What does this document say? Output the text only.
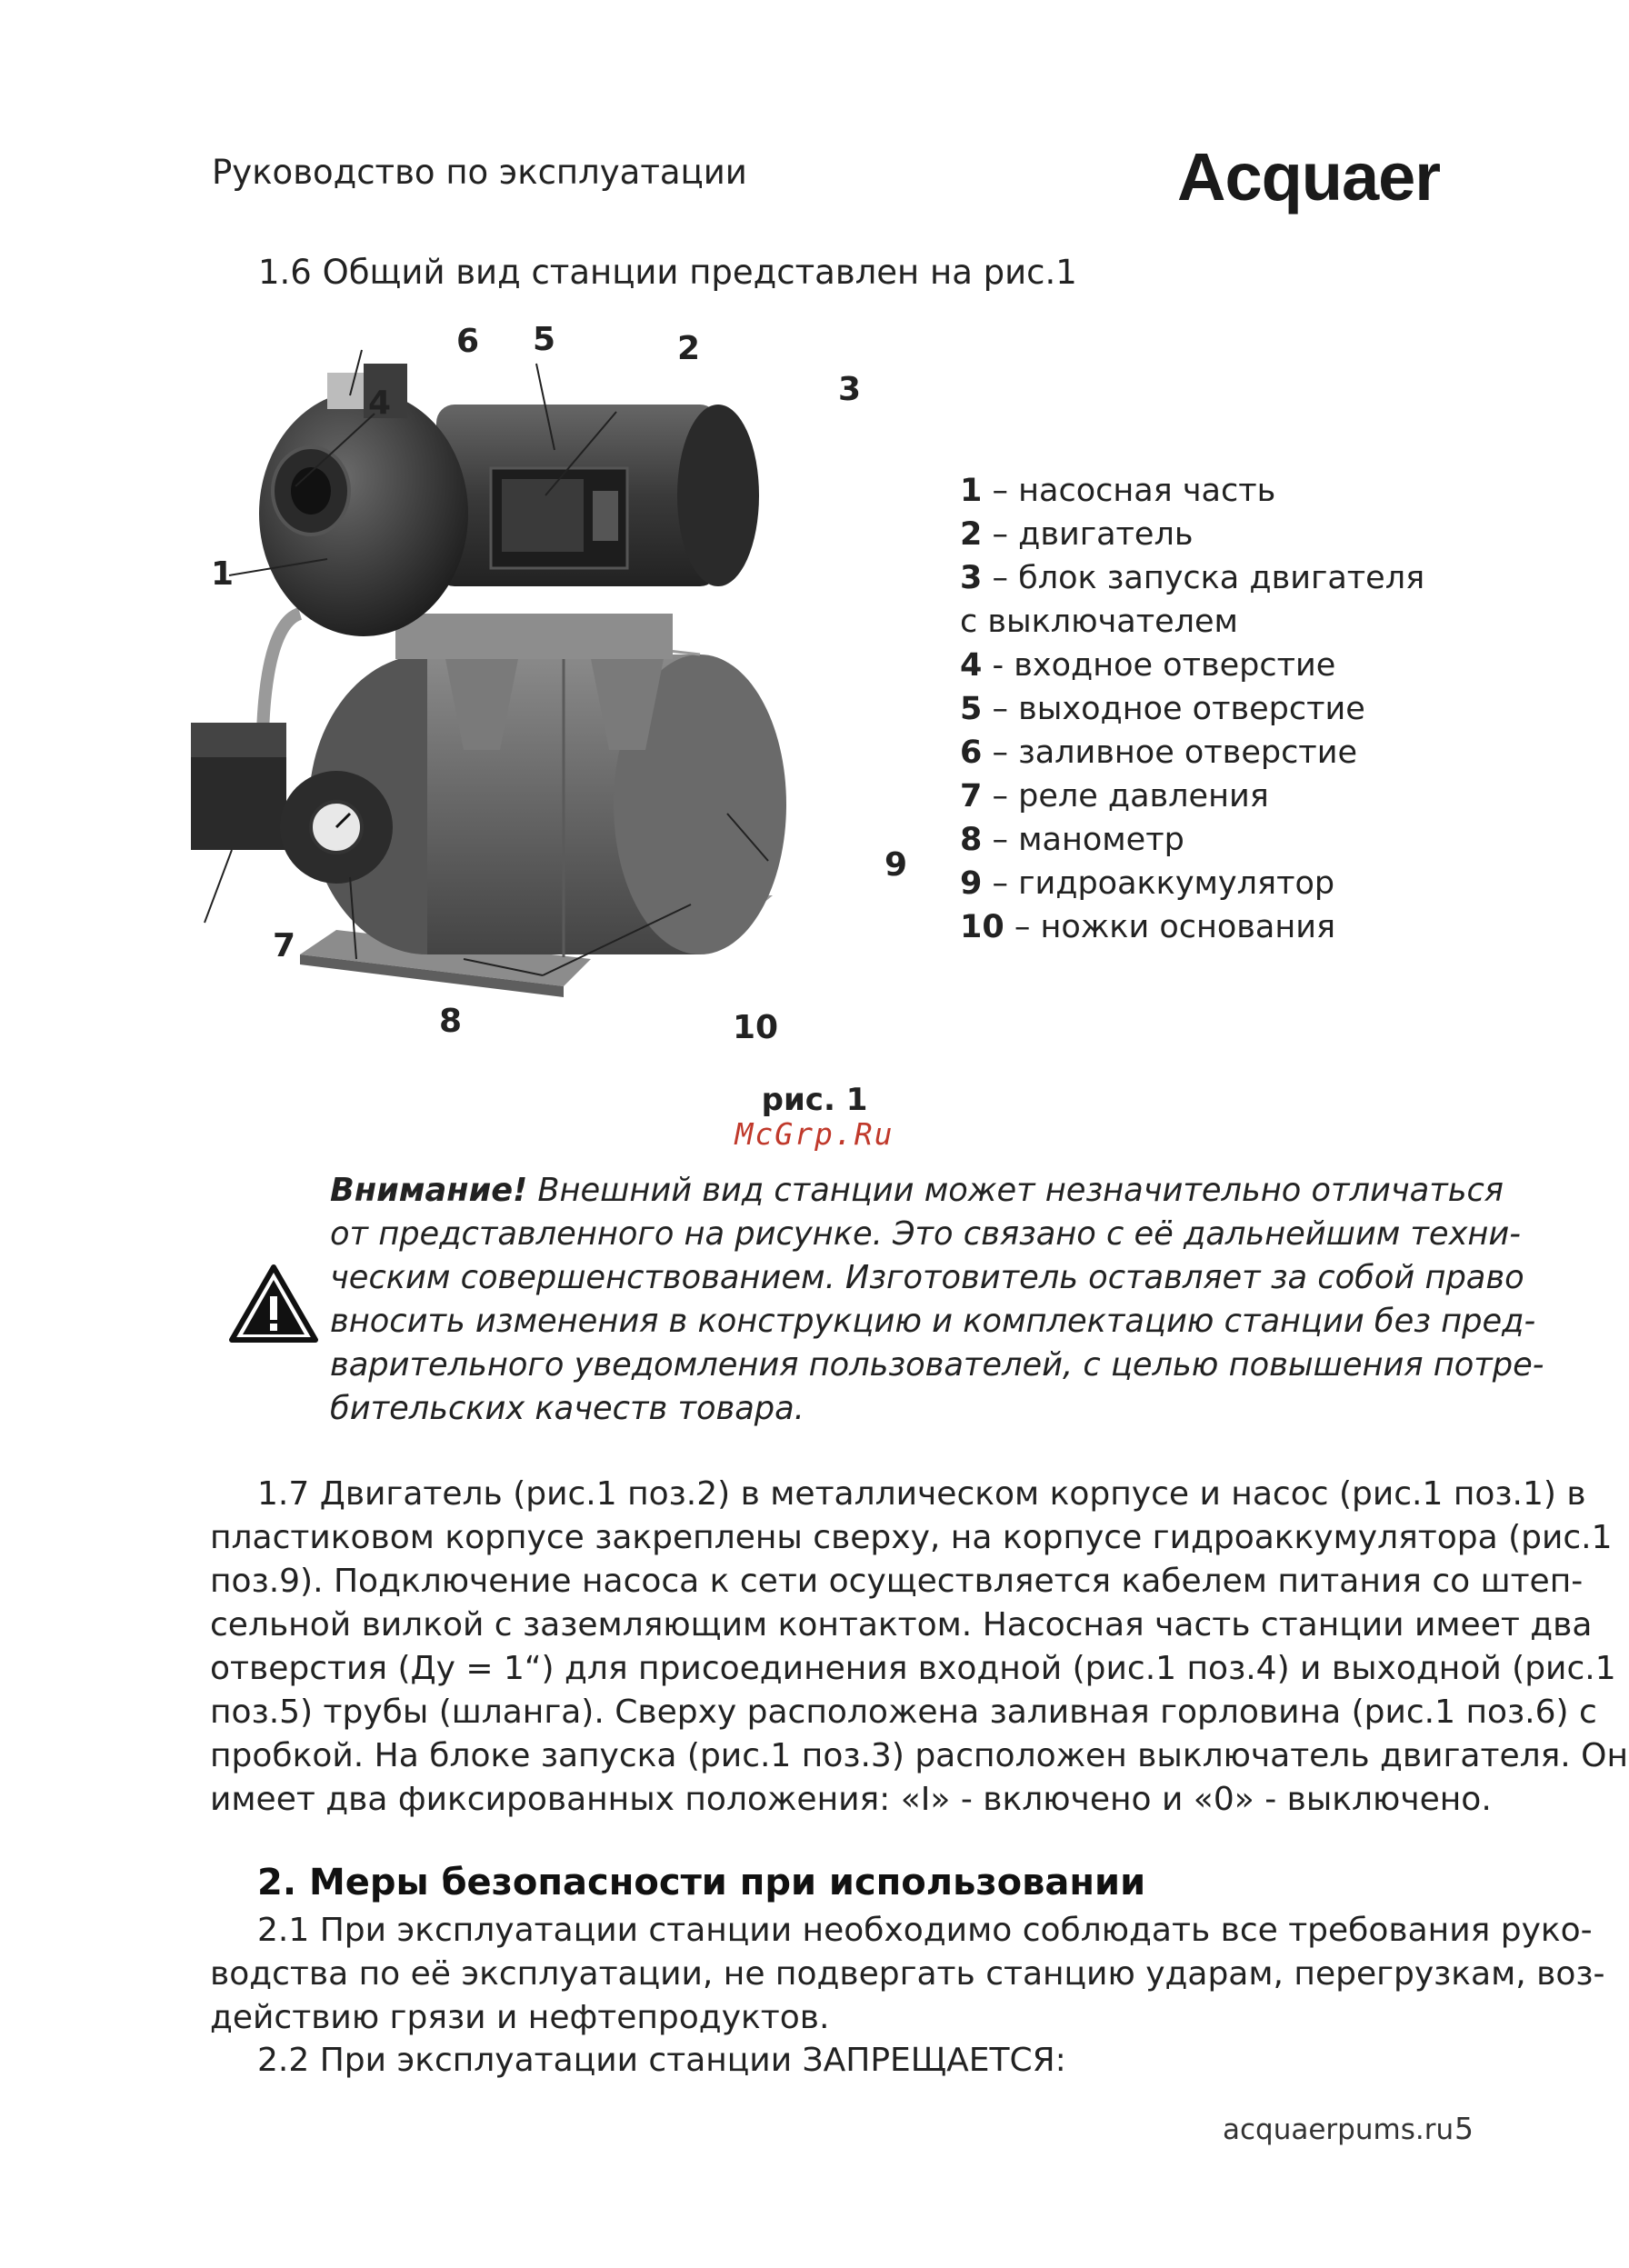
Руководство по эксплуатации	Acquaer
1.6 Общий вид станции представлен на рис.1
1
2
3
4
5
6
7
8
9
10
1 – насосная часть
2 – двигатель
3 – блок запуска двигателя
с выключателем
4 - входное отверстие
5 – выходное отверстие
6 – заливное отверстие
7 – реле давления
8 – манометр
9 – гидроаккумулятор
10 – ножки основания
рис. 1
McGrp.Ru
Внимание! Внешний вид станции может незначительно отличаться
от представленного на рисунке. Это связано с её дальнейшим техни-
ческим совершенствованием. Изготовитель оставляет за собой право
вносить изменения в конструкцию и комплектацию станции без пред-
варительного уведомления пользователей, с целью повышения потре-
бительских качеств товара.
1.7 Двигатель (рис.1 поз.2) в металлическом корпусе и насос (рис.1 поз.1) в
пластиковом корпусе закреплены сверху, на корпусе гидроаккумулятора (рис.1
поз.9). Подключение насоса к сети осуществляется кабелем питания со штеп-
сельной вилкой с заземляющим контактом. Насосная часть станции имеет два
отверстия (Ду = 1“) для присоединения входной (рис.1 поз.4) и выходной (рис.1
поз.5) трубы (шланга). Сверху расположена заливная горловина (рис.1 поз.6) с
пробкой. На блоке запуска (рис.1 поз.3) расположен выключатель двигателя. Он
имеет два фиксированных положения: «I» - включено и «0» - выключено.
2. Меры безопасности при использовании
2.1 При эксплуатации станции необходимо соблюдать все требования руко-
водства по её эксплуатации, не подвергать станцию ударам, перегрузкам, воз-
действию грязи и нефтепродуктов.
2.2 При эксплуатации станции ЗАПРЕЩАЕТСЯ:
acquaerpums.ru 5
